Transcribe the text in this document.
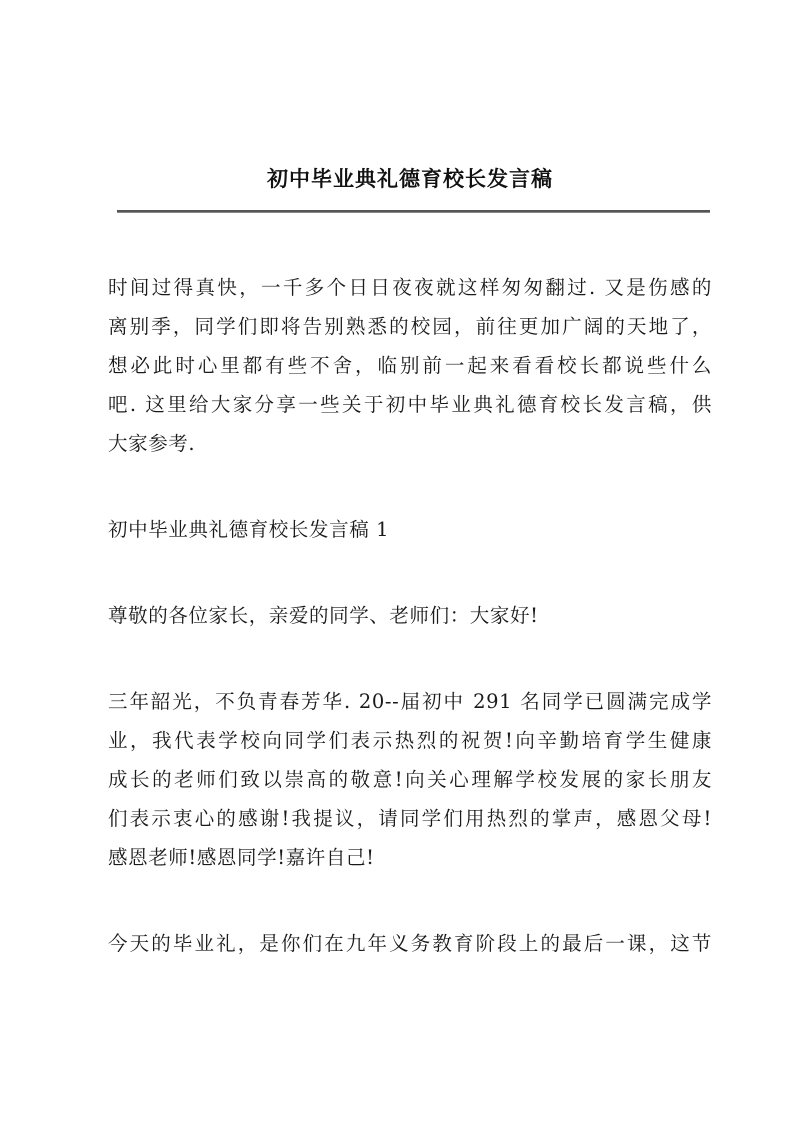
初中毕业典礼德育校长发言稿

时间过得真快，一千多个日日夜夜就这样匆匆翻过. 又是伤感的
离别季，同学们即将告别熟悉的校园，前往更加广阔的天地了，
想必此时心里都有些不舍，临别前一起来看看校长都说些什么
吧. 这里给大家分享一些关于初中毕业典礼德育校长发言稿，供
大家参考.

初中毕业典礼德育校长发言稿 1

尊敬的各位家长，亲爱的同学、老师们：大家好!

三年韶光，不负青春芳华. 20--届初中 291 名同学已圆满完成学
业，我代表学校向同学们表示热烈的祝贺!向辛勤培育学生健康
成长的老师们致以崇高的敬意!向关心理解学校发展的家长朋友
们表示衷心的感谢!我提议，请同学们用热烈的掌声，感恩父母!
感恩老师!感恩同学!嘉许自己!

今天的毕业礼，是你们在九年义务教育阶段上的最后一课，这节
